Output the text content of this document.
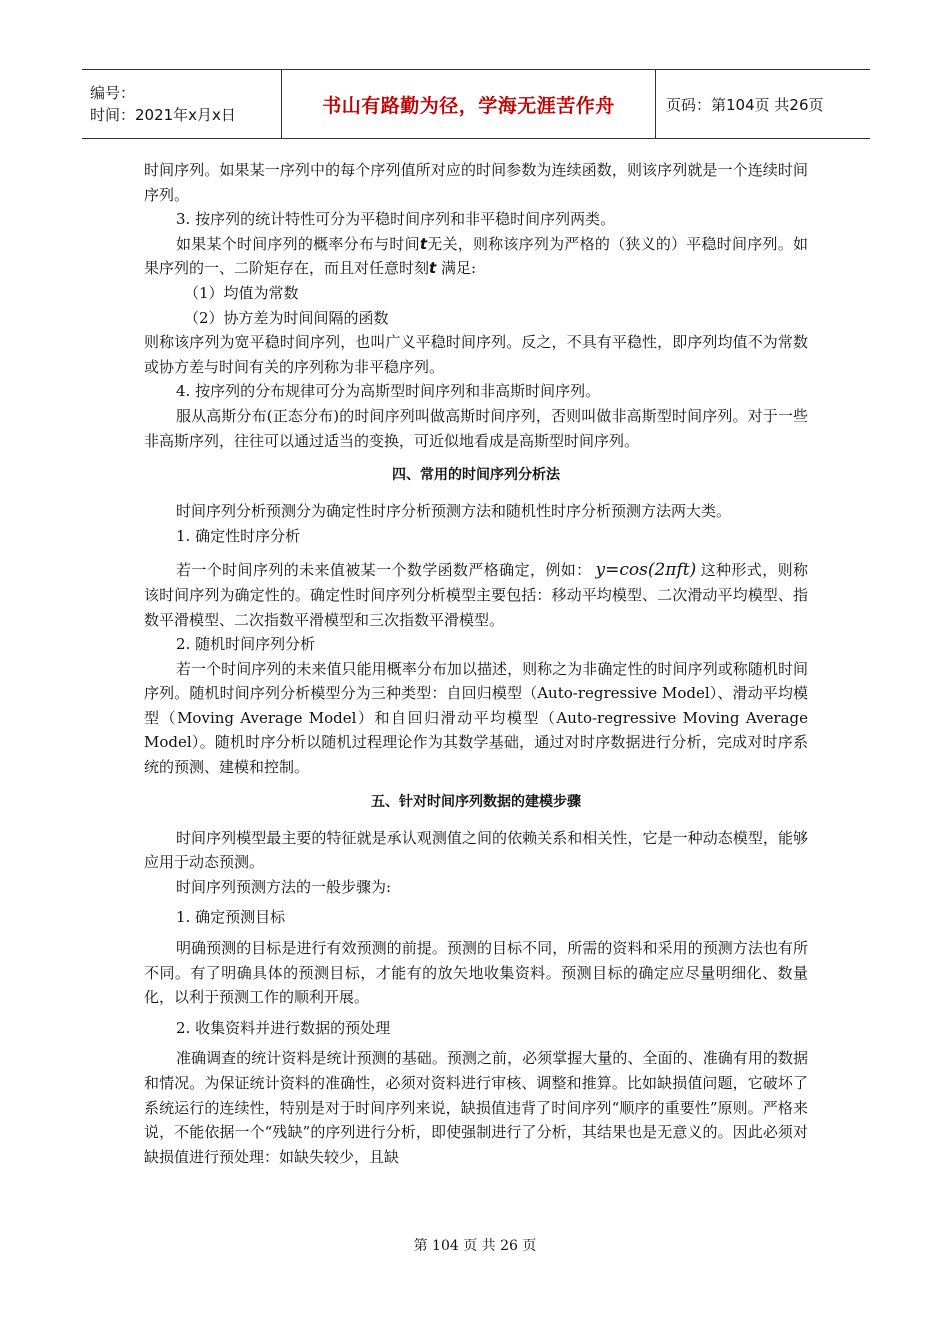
编号：
时间：2021年x月x日	书山有路勤为径，学海无涯苦作舟	页码：第104页 共26页

时间序列。如果某一序列中的每个序列值所对应的时间参数为连续函数，则该序列就是一个连续时间序列。

3. 按序列的统计特性可分为平稳时间序列和非平稳时间序列两类。

如果某个时间序列的概率分布与时间t无关，则称该序列为严格的（狭义的）平稳时间序列。如果序列的一、二阶矩存在，而且对任意时刻t 满足:

（1）均值为常数

（2）协方差为时间间隔的函数

则称该序列为宽平稳时间序列，也叫广义平稳时间序列。反之，不具有平稳性，即序列均值不为常数或协方差与时间有关的序列称为非平稳序列。

4. 按序列的分布规律可分为高斯型时间序列和非高斯时间序列。

服从高斯分布(正态分布)的时间序列叫做高斯时间序列，否则叫做非高斯型时间序列。对于一些非高斯序列，往往可以通过适当的变换，可近似地看成是高斯型时间序列。

四、常用的时间序列分析法

时间序列分析预测分为确定性时序分析预测方法和随机性时序分析预测方法两大类。

1. 确定性时序分析

若一个时间序列的未来值被某一个数学函数严格确定，例如： y=cos(2πft) 这种形式，则称该时间序列为确定性的。确定性时间序列分析模型主要包括：移动平均模型、二次滑动平均模型、指数平滑模型、二次指数平滑模型和三次指数平滑模型。

2. 随机时间序列分析

若一个时间序列的未来值只能用概率分布加以描述，则称之为非确定性的时间序列或称随机时间序列。随机时间序列分析模型分为三种类型：自回归模型（Auto-regressive Model）、滑动平均模型（Moving Average Model）和自回归滑动平均模型（Auto-regressive Moving Average Model）。随机时序分析以随机过程理论作为其数学基础，通过对时序数据进行分析，完成对时序系统的预测、建模和控制。

五、针对时间序列数据的建模步骤

时间序列模型最主要的特征就是承认观测值之间的依赖关系和相关性，它是一种动态模型，能够应用于动态预测。

时间序列预测方法的一般步骤为:

1. 确定预测目标

明确预测的目标是进行有效预测的前提。预测的目标不同，所需的资料和采用的预测方法也有所不同。有了明确具体的预测目标，才能有的放矢地收集资料。预测目标的确定应尽量明细化、数量化，以利于预测工作的顺利开展。

2. 收集资料并进行数据的预处理

准确调查的统计资料是统计预测的基础。预测之前，必须掌握大量的、全面的、准确有用的数据和情况。为保证统计资料的准确性，必须对资料进行审核、调整和推算。比如缺损值问题，它破坏了系统运行的连续性，特别是对于时间序列来说，缺损值违背了时间序列“顺序的重要性”原则。严格来说，不能依据一个“残缺”的序列进行分析，即使强制进行了分析，其结果也是无意义的。因此必须对缺损值进行预处理：如缺失较少，且缺

第 104 页 共 26 页
